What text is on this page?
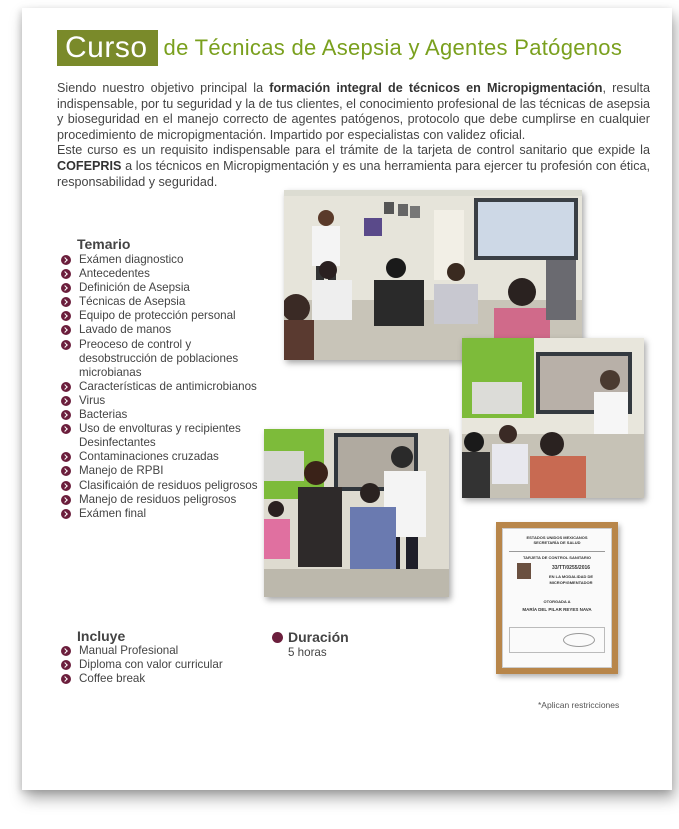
Curso de Técnicas de Asepsia y Agentes Patógenos

Siendo nuestro objetivo principal la formación integral de técnicos en Micropigmentación, resulta indispensable, por tu seguridad y la de tus clientes, el conocimiento profesional de las técnicas de asepsia y bioseguridad en el manejo correcto de agentes patógenos, protocolo que debe cumplirse en cualquier procedimiento de micropigmentación. Impartido por especialistas con validez oficial.

Este curso es un requisito indispensable para el trámite de la tarjeta de control sanitario que expide la COFEPRIS a los técnicos en Micropigmentación y es una herramienta para ejercer tu profesión con ética, responsabilidad y seguridad.

Temario
Exámen diagnostico
Antecedentes
Definición de Asepsia
Técnicas de Asepsia
Equipo de protección personal
Lavado de manos
Preoceso de control y desobstrucción de poblaciones microbianas
Características de antimicrobianos
Virus
Bacterias
Uso de envolturas y recipientes Desinfectantes
Contaminaciones cruzadas
Manejo de RPBI
Clasificaión de residuos peligrosos
Manejo de residuos peligrosos
Exámen final
ESTADOS UNIDOS MEXICANOS
SECRETARÍA DE SALUD
TARJETA DE CONTROL SANITARIO
33/TT/0255/2016
EN LA MODALIDAD DE
MICROPIGMENTADOR
OTORGADA A
MARÍA DEL PILAR REYES NAVA
Incluye
Manual Profesional
Diploma con valor curricular
Coffee break
Duración
5 horas
*Aplican restricciones
